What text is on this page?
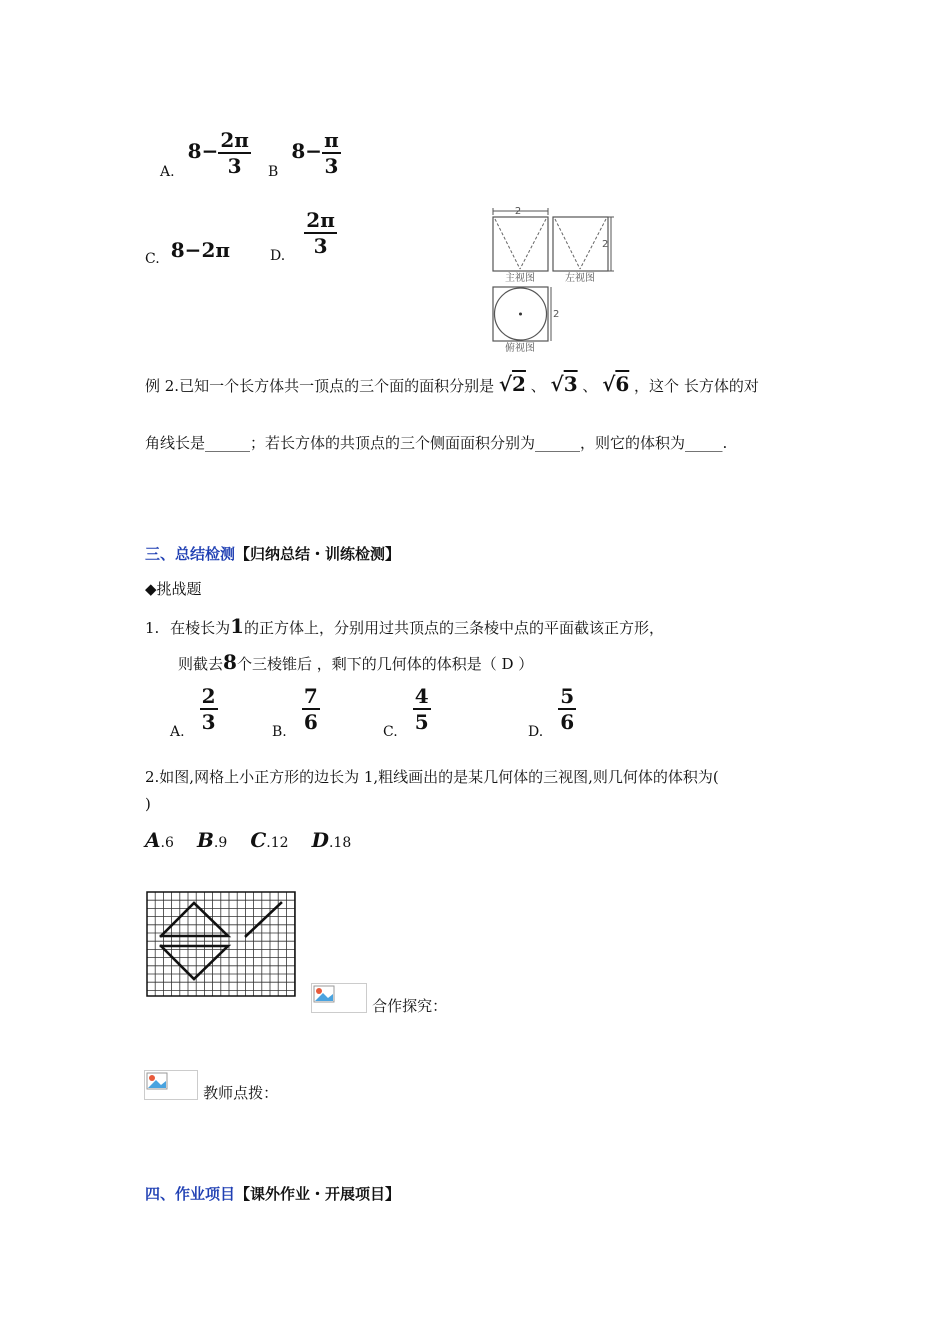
A. $8- \frac{2\pi}{3}$ B $8- \frac{\pi}{3}$
C. 8−2π	D. $\frac{2\pi}{3}$	2
2
2
主视图	左视图
俯视图
例 2.已知一个长方体共一顶点的三个面的面积分别是 √2 、 √3 、 √6 ，这个 长方体的对
角线长是______；若长方体的共顶点的三个侧面面积分别为______，则它的体积为_____.
三、总结检测【归纳总结・训练检测】
◆挑战题
1. 在棱长为1的正方体上，分别用过共顶点的三条棱中点的平面截该正方形，
则截去8个三棱锥后 ，剩下的几何体的体积是（ D ）
A. $\frac{2}{3}$	B. $\frac{7}{6}$	C. $\frac{4}{5}$	D. $\frac{5}{6}$
2.如图,网格上小正方形的边长为 1,粗线画出的是某几何体的三视图,则几何体的体积为(
)
A.6 B.9 C.12 D.18
合作探究：
教师点拨：
四、作业项目【课外作业・开展项目】
